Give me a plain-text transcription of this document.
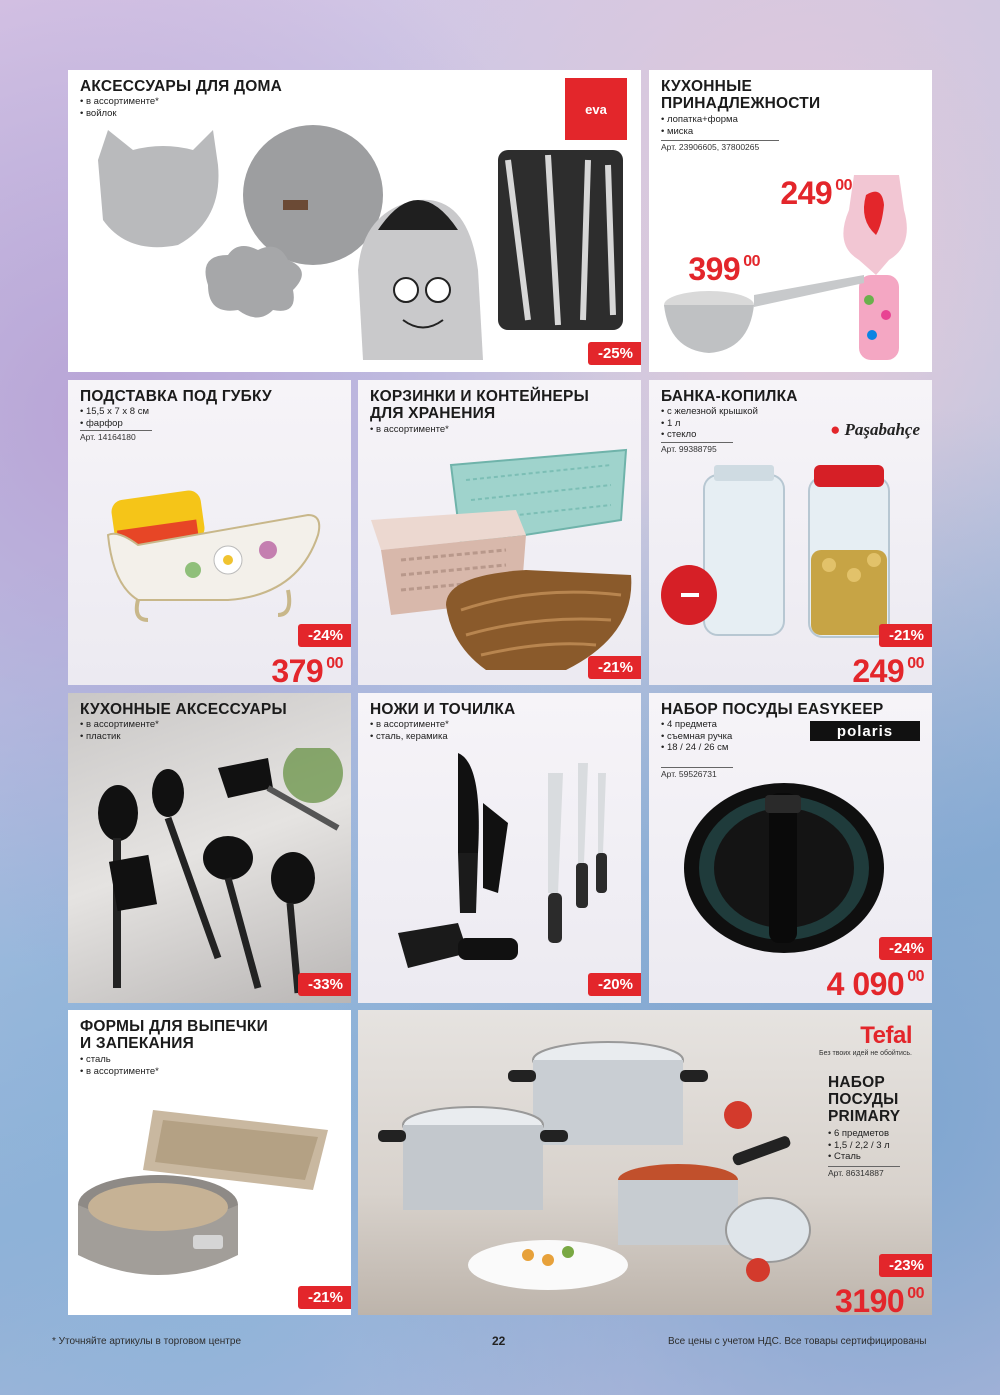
АКСЕССУАРЫ ДЛЯ ДОМА
• в ассортименте*
• войлок	eva
-25%
КУХОННЫЕ
ПРИНАДЛЕЖНОСТИ
• лопатка+форма
• миска
Арт. 23906605, 37800265
249 $^{00}$
399 $^{00}$
ПОДСТАВКА ПОД ГУБКУ
• 15,5 x 7 x 8 см
• фарфор
Арт. 14164180
-24%
379 $^{00}$
КОРЗИНКИ И КОНТЕЙНЕРЫ
ДЛЯ ХРАНЕНИЯ
• в ассортименте*
-21%
БАНКА-КОПИЛКА
• с железной крышкой
• 1 л
• стекло
Арт. 99388795
● Paşabahçe
-21%
249 $^{00}$
КУХОННЫЕ АКСЕССУАРЫ
• в ассортименте*
• пластик
-33%
НОЖИ И ТОЧИЛКА
• в ассортименте*
• сталь, керамика
-20%
НАБОР ПОСУДЫ EASYKEEP
• 4 предмета
• съемная ручка
• 18 / 24 / 26 см
Арт. 59526731
polaris
-24%
4 090 $^{00}$
ФОРМЫ ДЛЯ ВЫПЕЧКИ
И ЗАПЕКАНИЯ
• сталь
• в ассортименте*
-21%
Tefal
Без твоих идей не обойтись.
НАБОР
ПОСУДЫ
PRIMARY
• 6 предметов
• 1,5 / 2,2 / 3 л
• Сталь
Арт. 86314887
-23%
3190 $^{00}$
* Уточняйте артикулы в торговом центре	22	Все цены с учетом НДС. Все товары сертифицированы
